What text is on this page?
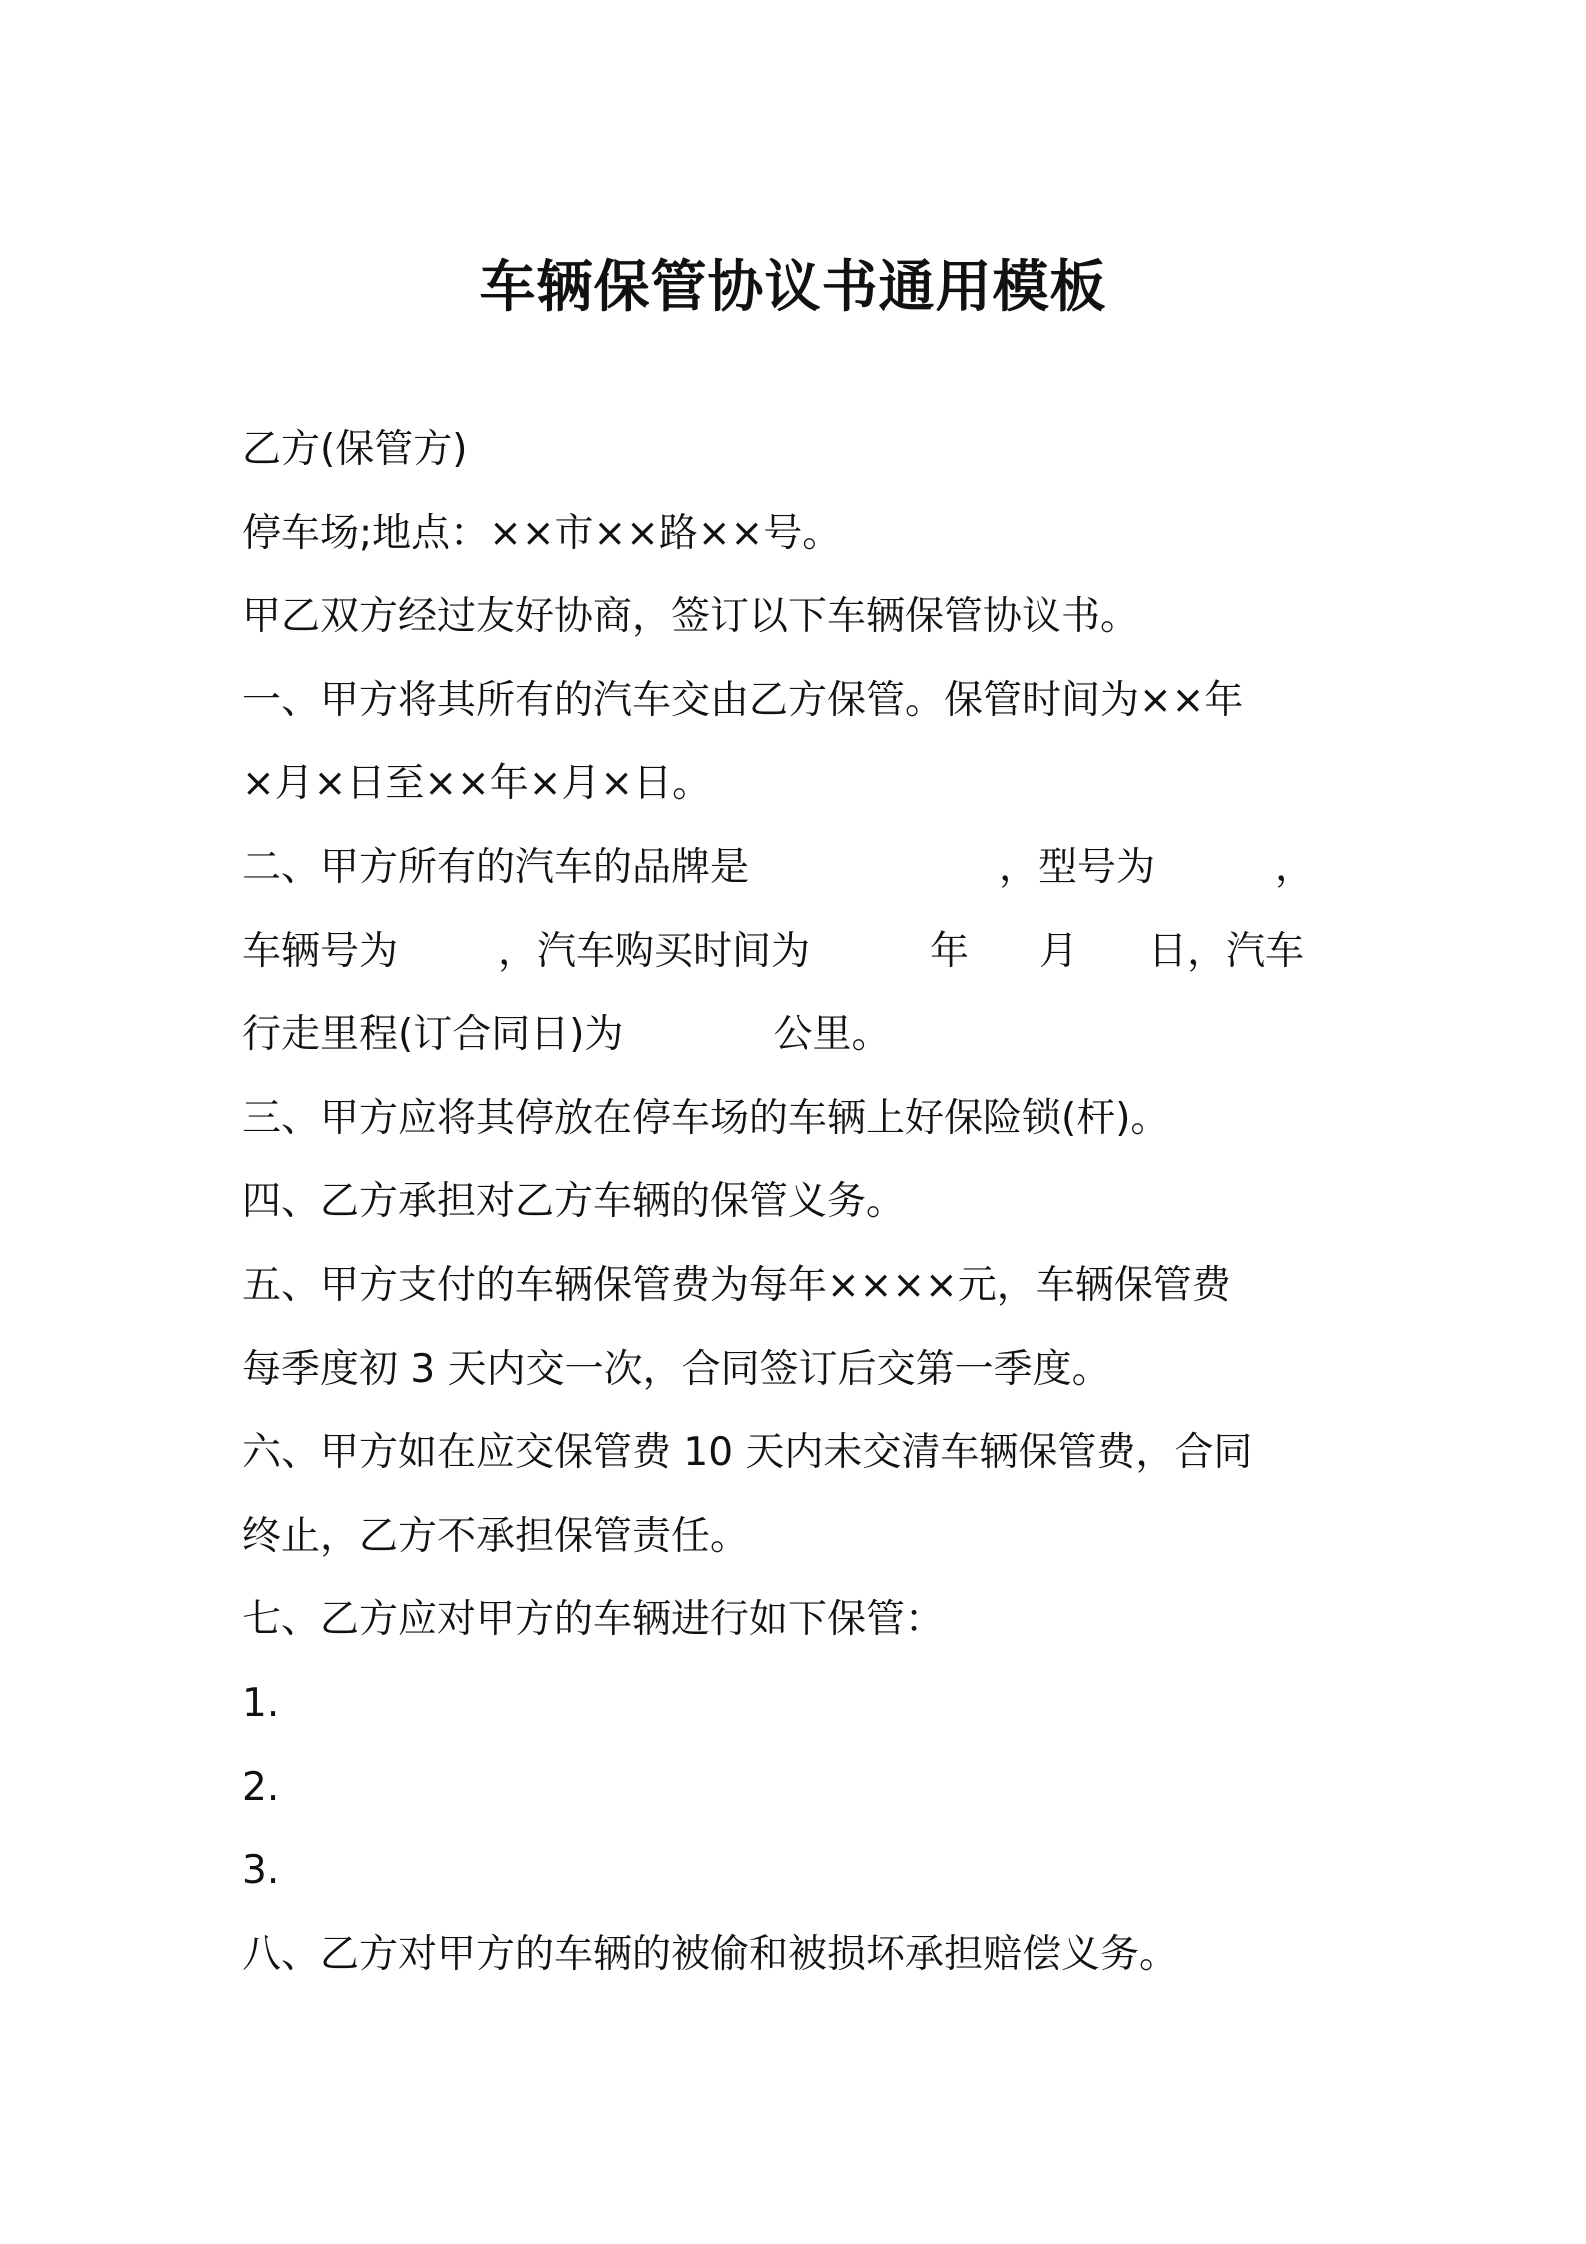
车辆保管协议书通用模板
乙方(保管方)
停车场;地点：××市××路××号。
甲乙双方经过友好协商，签订以下车辆保管协议书。
一、甲方将其所有的汽车交由乙方保管。保管时间为××年
×月×日至××年×月×日。
二、甲方所有的汽车的品牌是	，型号为	，
车辆号为	，汽车购买时间为	年 月 日，汽车
行走里程(订合同日)为	公里。
三、甲方应将其停放在停车场的车辆上好保险锁(杆)。
四、乙方承担对乙方车辆的保管义务。
五、甲方支付的车辆保管费为每年××××元，车辆保管费
每季度初 3 天内交一次，合同签订后交第一季度。
六、甲方如在应交保管费 10 天内未交清车辆保管费，合同
终止，乙方不承担保管责任。
七、乙方应对甲方的车辆进行如下保管：
1.
2.
3.
八、乙方对甲方的车辆的被偷和被损坏承担赔偿义务。
